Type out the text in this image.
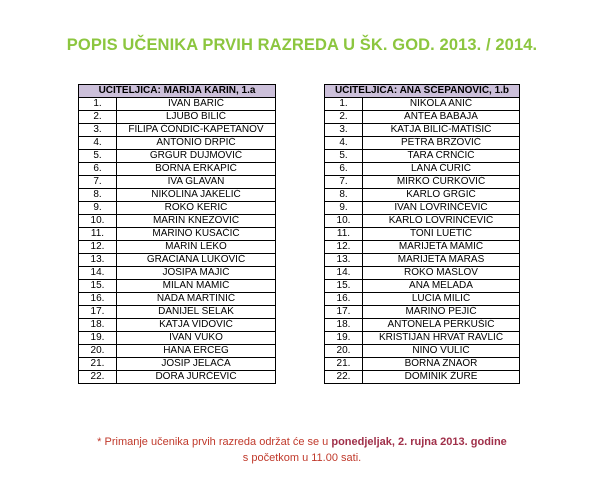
POPIS UČENIKA PRVIH RAZREDA U ŠK. GOD. 2013. / 2014.
UČITELJICA: MARIJA KARIN, 1.a	
1.	IVAN BARIĆ
2.	LJUBO BILIĆ
3.	FILIPA ČONDIĆ-KAPETANOV
4.	ANTONIO DRPIĆ
5.	GRGUR DUJMOVIĆ
6.	BORNA ERKAPIĆ
7.	IVA GLAVAN
8.	NIKOLINA JAKELIĆ
9.	ROKO KERIĆ
10.	MARIN KNEZOVIĆ
11.	MARINO KUSAČIĆ
12.	MARIN LEKO
13.	GRACIANA LUKOVIĆ
14.	JOSIPA MAJIĆ
15.	MILAN MAMIĆ
16.	NADA MARTINIĆ
17.	DANIJEL SELAK
18.	KATJA VIDOVIĆ
19.	IVAN VUKO
20.	HANA ERCEG
21.	JOSIP JELAČA
22.	DORA JURČEVIĆ
UČITELJICA: ANA ŠĆEPANOVIĆ, 1.b	
1.	NIKOLA ANIĆ
2.	ANTEA BABAJA
3.	KATJA BILIĆ-MATIŠIĆ
4.	PETRA BRZOVIĆ
5.	TARA CRNČIĆ
6.	LANA ĆURIĆ
7.	MIRKO ĆURKOVIĆ
8.	KARLO GRGIĆ
9.	IVAN LOVRINČEVIĆ
10.	KARLO LOVRINČEVIĆ
11.	TONI LUETIĆ
12.	MARIJETA MAMIĆ
13.	MARIJETA MARAS
14.	ROKO MASLOV
15.	ANA MELADA
16.	LUCIA MILIĆ
17.	MARINO PEJIĆ
18.	ANTONELA PERKUŠIĆ
19.	KRISTIJAN HRVAT RAVLIĆ
20.	NINO VULIĆ
21.	BORNA ZNAOR
22.	DOMINIK ŽURE
* Primanje učenika prvih razreda održat će se u ponedjeljak, 2. rujna 2013. godine
s početkom u 11.00 sati.
